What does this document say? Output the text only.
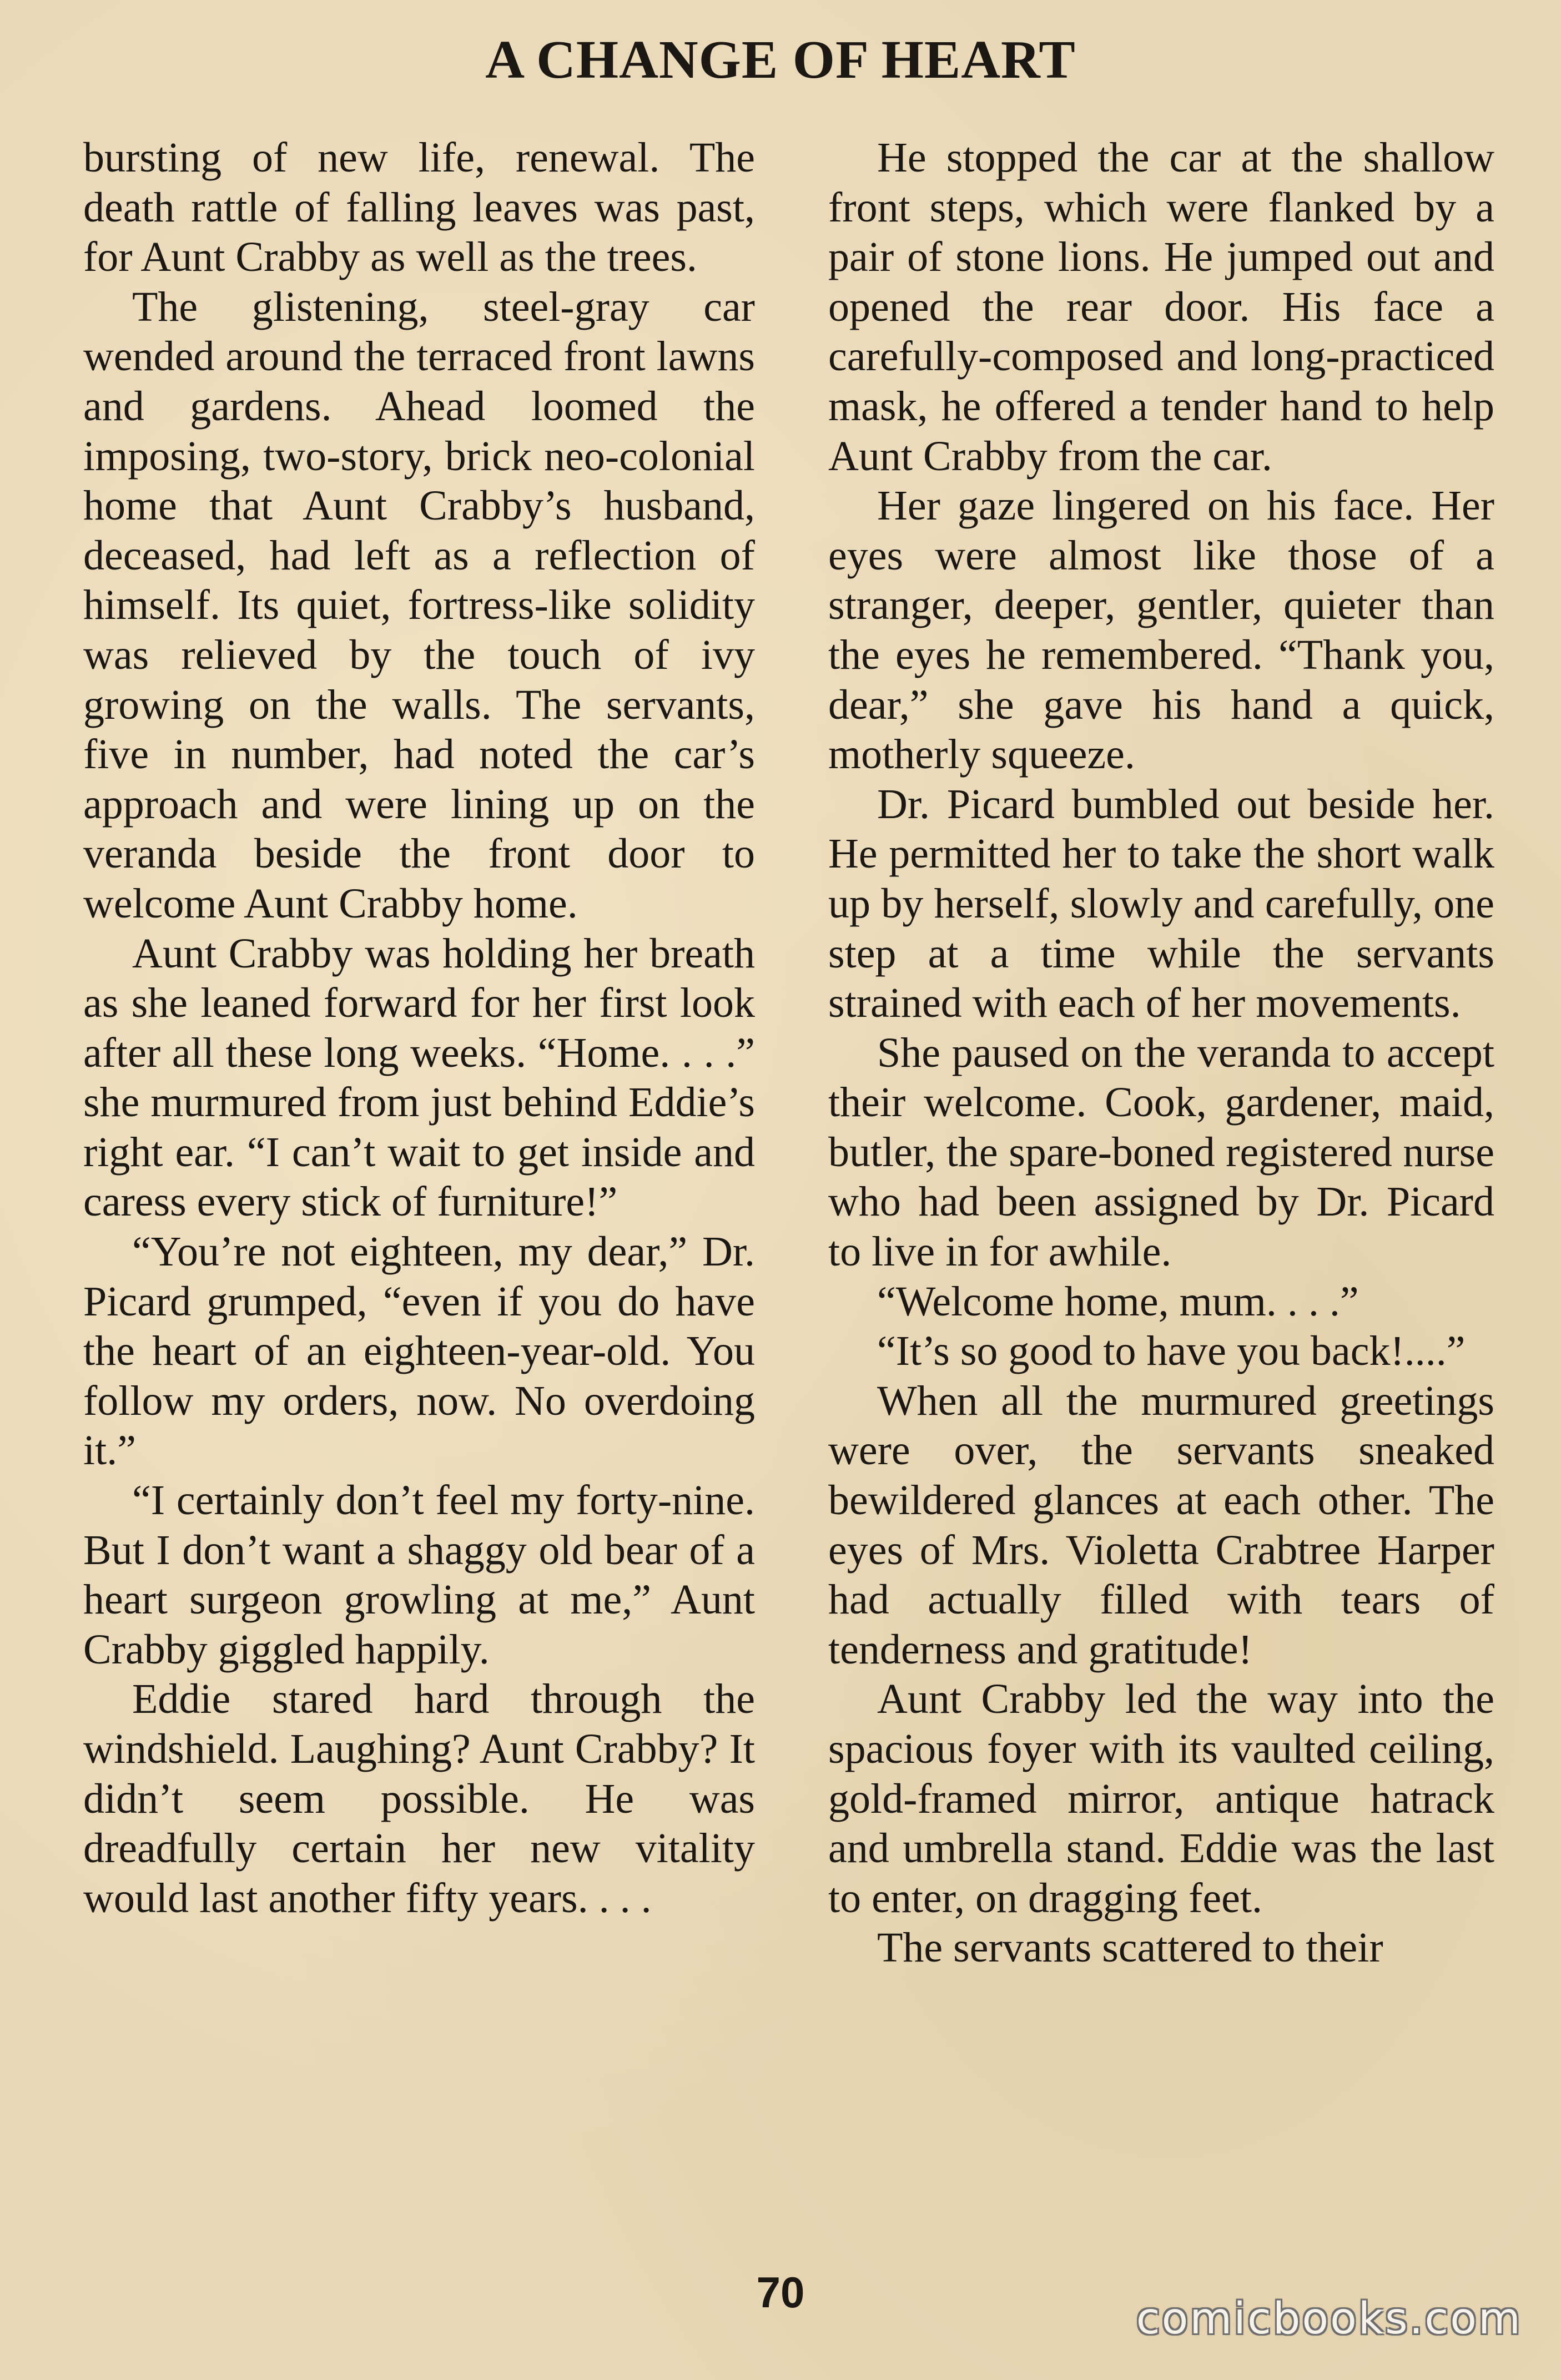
A CHANGE OF HEART

bursting of new life, renewal. The death rattle of falling leaves was past, for Aunt Crabby as well as the trees.

The glistening, steel-gray car wended around the terraced front lawns and gardens. Ahead loomed the imposing, two-story, brick neo-colonial home that Aunt Crabby’s husband, deceased, had left as a reflection of himself. Its quiet, fortress-like solidity was relieved by the touch of ivy growing on the walls. The servants, five in number, had noted the car’s approach and were lining up on the veranda beside the front door to welcome Aunt Crabby home.

Aunt Crabby was holding her breath as she leaned forward for her first look after all these long weeks. “Home. . . .” she murmured from just behind Eddie’s right ear. “I can’t wait to get inside and caress every stick of furniture!”

“You’re not eighteen, my dear,” Dr. Picard grumped, “even if you do have the heart of an eighteen-year-old. You follow my orders, now. No overdoing it.”

“I certainly don’t feel my forty-nine. But I don’t want a shaggy old bear of a heart surgeon growling at me,” Aunt Crabby giggled happily.

Eddie stared hard through the windshield. Laughing? Aunt Crabby? It didn’t seem possible. He was dreadfully certain her new vitality would last another fifty years. . . .

He stopped the car at the shallow front steps, which were flanked by a pair of stone lions. He jumped out and opened the rear door. His face a carefully-composed and long-practiced mask, he offered a tender hand to help Aunt Crabby from the car.

Her gaze lingered on his face. Her eyes were almost like those of a stranger, deeper, gentler, quieter than the eyes he remembered. “Thank you, dear,” she gave his hand a quick, motherly squeeze.

Dr. Picard bumbled out beside her. He permitted her to take the short walk up by herself, slowly and carefully, one step at a time while the servants strained with each of her movements.

She paused on the veranda to accept their welcome. Cook, gardener, maid, butler, the spare-boned registered nurse who had been assigned by Dr. Picard to live in for awhile.

“Welcome home, mum. . . .”

“It’s so good to have you back!....”

When all the murmured greetings were over, the servants sneaked bewildered glances at each other. The eyes of Mrs. Violetta Crabtree Harper had actually filled with tears of tenderness and gratitude!

Aunt Crabby led the way into the spacious foyer with its vaulted ceiling, gold-framed mirror, antique hatrack and umbrella stand. Eddie was the last to enter, on dragging feet.

The servants scattered to their

70
comicbooks.com
